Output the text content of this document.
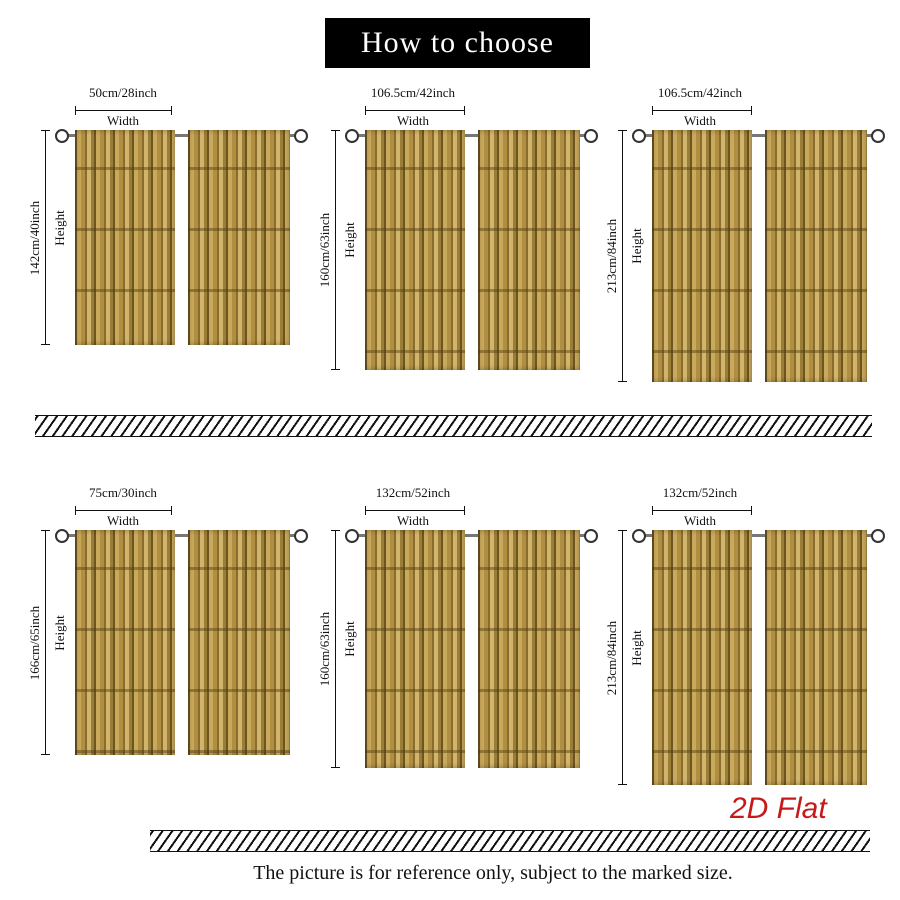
How to choose
50cm/28inch
Width
142cm/40inch Height
106.5cm/42inch
Width
160cm/63inch Height
106.5cm/42inch
Width
213cm/84inch Height
75cm/30inch
Width
166cm/65inch Height
132cm/52inch
Width
160cm/63inch Height
132cm/52inch
Width
213cm/84inch Height
2D Flat
The picture is for reference only, subject to the marked size.
